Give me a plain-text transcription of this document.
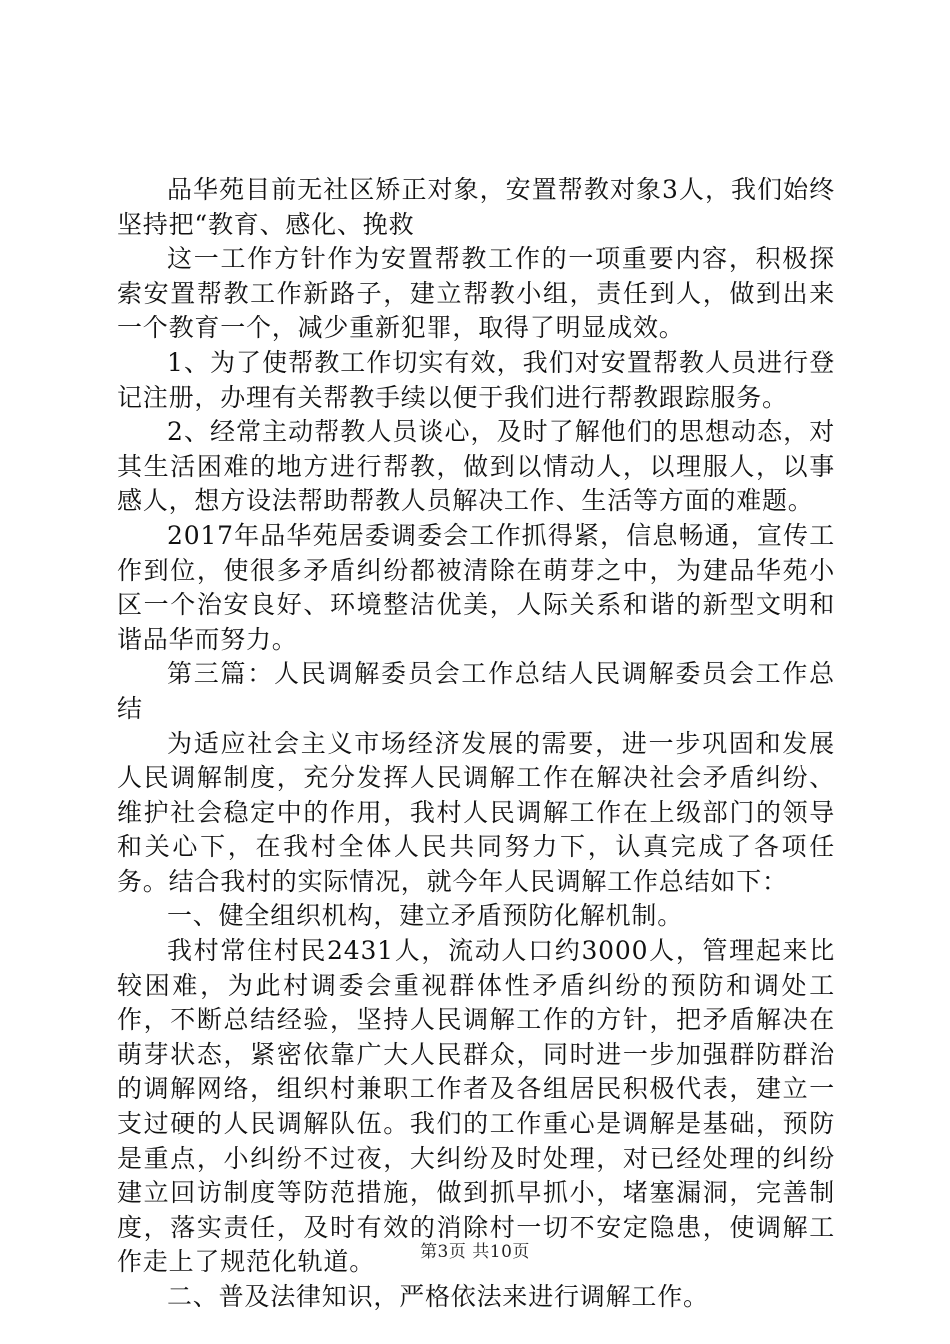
品华苑目前无社区矫正对象，安置帮教对象3人，我们始终坚持把“教育、感化、挽救

这一工作方针作为安置帮教工作的一项重要内容，积极探索安置帮教工作新路子，建立帮教小组，责任到人，做到出来一个教育一个，减少重新犯罪，取得了明显成效。

1、为了使帮教工作切实有效，我们对安置帮教人员进行登记注册，办理有关帮教手续以便于我们进行帮教跟踪服务。

2、经常主动帮教人员谈心，及时了解他们的思想动态，对其生活困难的地方进行帮教，做到以情动人，以理服人，以事感人，想方设法帮助帮教人员解决工作、生活等方面的难题。

2017年品华苑居委调委会工作抓得紧，信息畅通，宣传工作到位，使很多矛盾纠纷都被清除在萌芽之中，为建品华苑小区一个治安良好、环境整洁优美，人际关系和谐的新型文明和谐品华而努力。

第三篇：人民调解委员会工作总结人民调解委员会工作总结

为适应社会主义市场经济发展的需要，进一步巩固和发展人民调解制度，充分发挥人民调解工作在解决社会矛盾纠纷、维护社会稳定中的作用，我村人民调解工作在上级部门的领导和关心下，在我村全体人民共同努力下，认真完成了各项任务。结合我村的实际情况，就今年人民调解工作总结如下：

一、健全组织机构，建立矛盾预防化解机制。

我村常住村民2431人，流动人口约3000人，管理起来比较困难，为此村调委会重视群体性矛盾纠纷的预防和调处工作，不断总结经验，坚持人民调解工作的方针，把矛盾解决在萌芽状态，紧密依靠广大人民群众，同时进一步加强群防群治的调解网络，组织村兼职工作者及各组居民积极代表，建立一支过硬的人民调解队伍。我们的工作重心是调解是基础，预防是重点，小纠纷不过夜，大纠纷及时处理，对已经处理的纠纷建立回访制度等防范措施，做到抓早抓小，堵塞漏洞，完善制度，落实责任，及时有效的消除村一切不安定隐患，使调解工作走上了规范化轨道。

二、普及法律知识，严格依法来进行调解工作。

第3页 共10页
